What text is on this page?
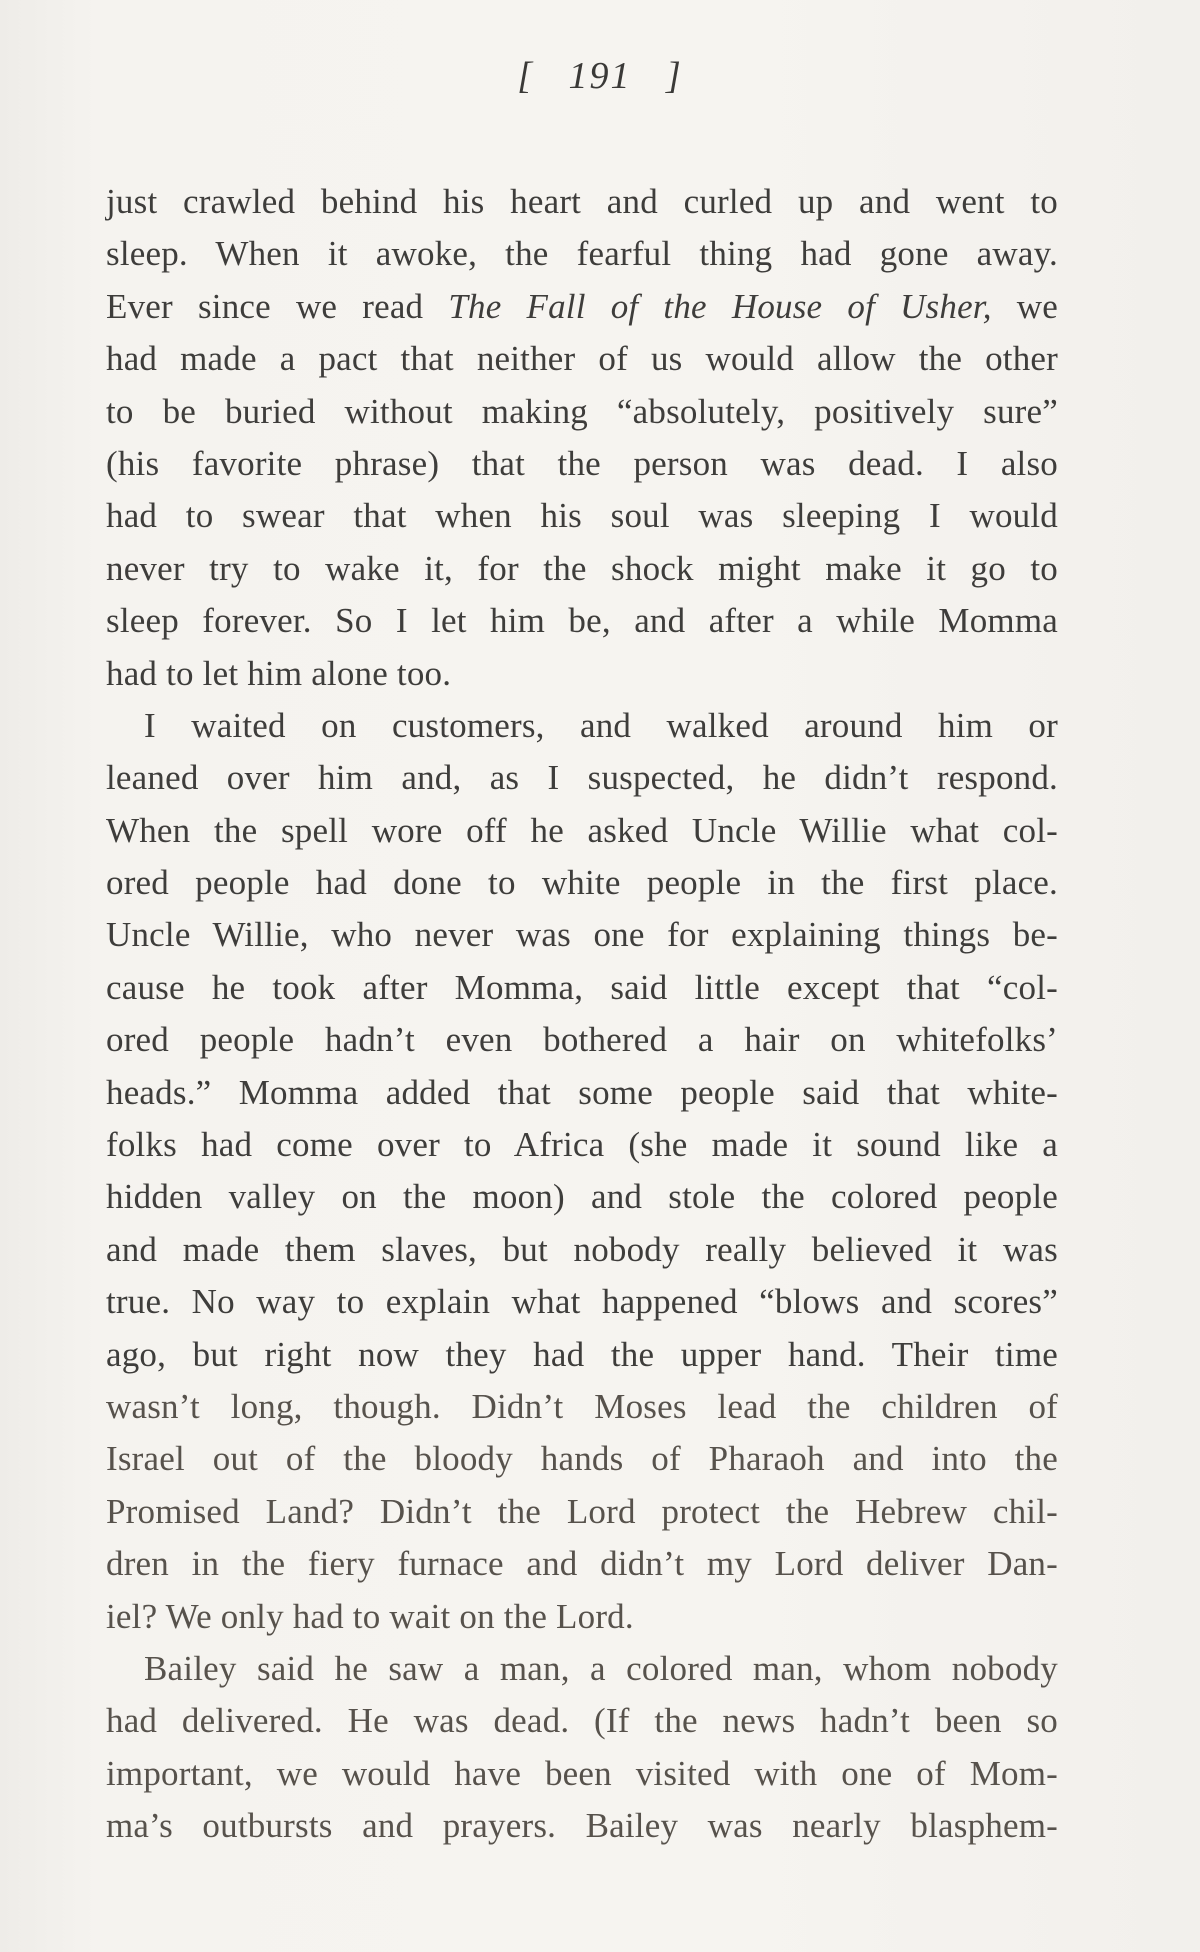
[   191   ]
just crawled behind his heart and curled up and went to
sleep. When it awoke, the fearful thing had gone away.
Ever since we read The Fall of the House of Usher, we
had made a pact that neither of us would allow the other
to be buried without making “absolutely, positively sure”
(his favorite phrase) that the person was dead. I also
had to swear that when his soul was sleeping I would
never try to wake it, for the shock might make it go to
sleep forever. So I let him be, and after a while Momma
had to let him alone too.
I waited on customers, and walked around him or
leaned over him and, as I suspected, he didn’t respond.
When the spell wore off he asked Uncle Willie what col-
ored people had done to white people in the first place.
Uncle Willie, who never was one for explaining things be-
cause he took after Momma, said little except that “col-
ored people hadn’t even bothered a hair on whitefolks’
heads.” Momma added that some people said that white-
folks had come over to Africa (she made it sound like a
hidden valley on the moon) and stole the colored people
and made them slaves, but nobody really believed it was
true. No way to explain what happened “blows and scores”
ago, but right now they had the upper hand. Their time
wasn’t long, though. Didn’t Moses lead the children of
Israel out of the bloody hands of Pharaoh and into the
Promised Land? Didn’t the Lord protect the Hebrew chil-
dren in the fiery furnace and didn’t my Lord deliver Dan-
iel? We only had to wait on the Lord.
Bailey said he saw a man, a colored man, whom nobody
had delivered. He was dead. (If the news hadn’t been so
important, we would have been visited with one of Mom-
ma’s outbursts and prayers. Bailey was nearly blasphem-
